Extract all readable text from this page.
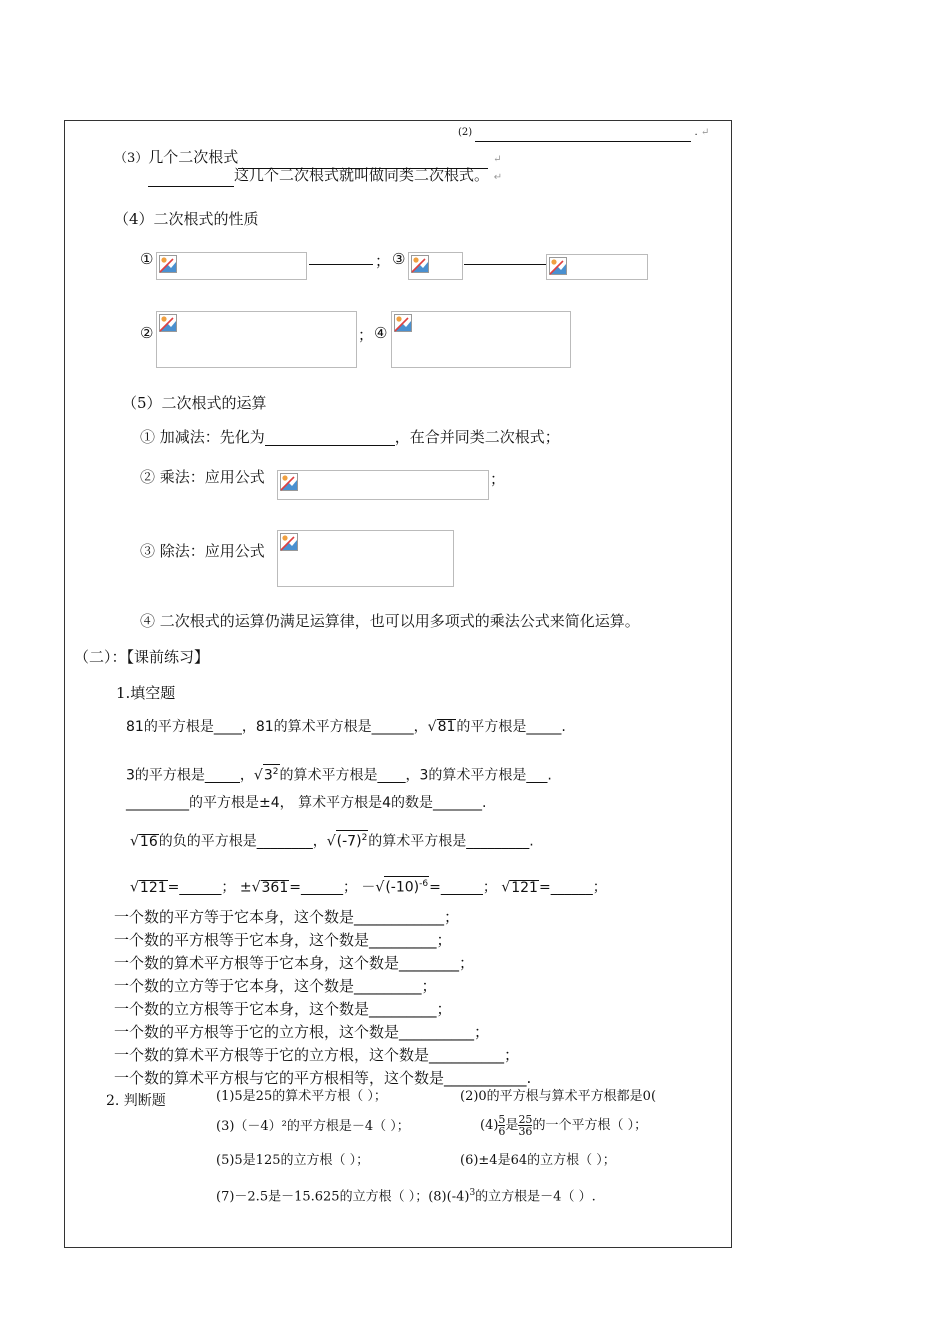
(2)	. ↵
（3）几个二次根式	↵
这几个二次根式就叫做同类二次根式。 ↵
（4）二次根式的性质
①	； ③
②	； ④
（5）二次根式的运算
① 加减法：先化为	，在合并同类二次根式；
② 乘法：应用公式	；
③ 除法：应用公式
④ 二次根式的运算仍满足运算律，也可以用多项式的乘法公式来简化运算。
（二）：【课前练习】
1.填空题
81的平方根是____，81的算术平方根是______，√81的平方根是_____.
3的平方根是_____，$√3^2$的算术平方根是____，3的算术平方根是___.
_________的平方根是±4， 算术平方根是4的数是_______.
√16的负的平方根是________，$√(-7)^2$的算术平方根是_________.
√121=______； ±√361=______； $-√(-10)^{-6}=\_\_\_\_\_\_$； √121=______；
一个数的平方等于它本身，这个数是____________；
一个数的平方根等于它本身，这个数是_________；
一个数的算术平方根等于它本身，这个数是________；
一个数的立方等于它本身，这个数是_________；
一个数的立方根等于它本身，这个数是_________；
一个数的平方根等于它的立方根，这个数是__________；
一个数的算术平方根等于它的立方根，这个数是__________；
一个数的算术平方根与它的平方根相等，这个数是___________.
2. 判断题	(1)5是25的算术平方根（ ）；	(2)0的平方根与算术平方根都是0(
(3)（－4）²的平方根是－4（ ）；	$(4) \frac{5}{6}$ 是 $\frac{25}{36}$ 的一个平方根（ ）；
(5)5是125的立方根（ ）；	(6)±4是64的立方根（ ）；
(7)－2.5是－15.625的立方根（ ）；$(8)(-4)^3$的立方根是－4（ ）.
